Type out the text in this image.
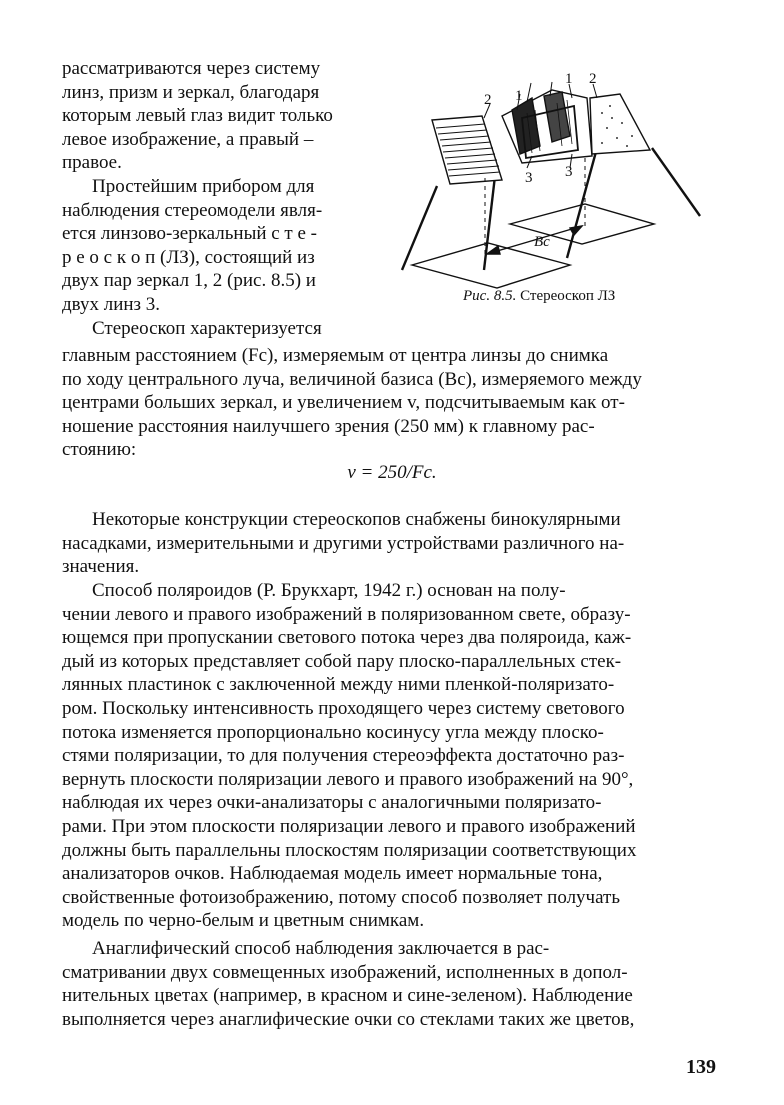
рассматриваются через систему
линз, призм и зеркал, благодаря
которым левый глаз видит только
левое изображение, а правый –
правое.

Простейшим прибором для
наблюдения стереомодели явля-
ется линзово-зеркальный с т е -
р е о с к о п (ЛЗ), состоящий из
двух пар зеркал 1, 2 (рис. 8.5) и
двух линз 3.

Стереоскоп характеризуется

2 1
1 2
3 3
Bc
Рис. 8.5. Стереоскоп ЛЗ

главным расстоянием (Fc), измеряемым от центра линзы до снимка
по ходу центрального луча, величиной базиса (Bc), измеряемого между
центрами больших зеркал, и увеличением v, подсчитываемым как от-
ношение расстояния наилучшего зрения (250 мм) к главному рас-
стоянию:

v = 250/Fc.

Некоторые конструкции стереоскопов снабжены бинокулярными
насадками, измерительными и другими устройствами различного на-
значения.

Способ поляроидов (Р. Брукхарт, 1942 г.) основан на полу-
чении левого и правого изображений в поляризованном свете, образу-
ющемся при пропускании светового потока через два поляроида, каж-
дый из которых представляет собой пару плоско-параллельных стек-
лянных пластинок с заключенной между ними пленкой-поляризато-
ром. Поскольку интенсивность проходящего через систему светового
потока изменяется пропорционально косинусу угла между плоско-
стями поляризации, то для получения стереоэффекта достаточно раз-
вернуть плоскости поляризации левого и правого изображений на 90°,
наблюдая их через очки-анализаторы с аналогичными поляризато-
рами. При этом плоскости поляризации левого и правого изображений
должны быть параллельны плоскостям поляризации соответствующих
анализаторов очков. Наблюдаемая модель имеет нормальные тона,
свойственные фотоизображению, потому способ позволяет получать
модель по черно-белым и цветным снимкам.

Анаглифический способ наблюдения заключается в рас-
сматривании двух совмещенных изображений, исполненных в допол-
нительных цветах (например, в красном и сине-зеленом). Наблюдение
выполняется через анаглифические очки со стеклами таких же цветов,

139
